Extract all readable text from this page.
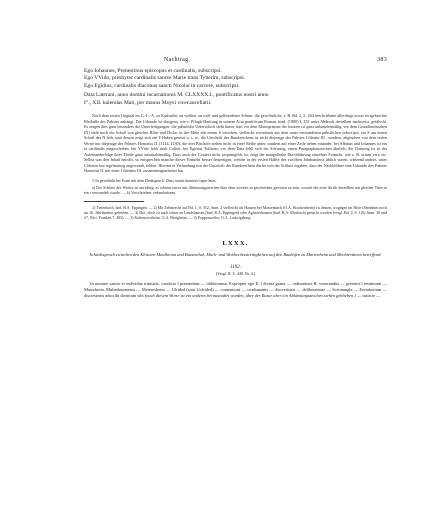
Nachtrag.	383
Ego Iohannes, Prenestinus episcopus et cardinalis, subscripsi.
Ego VVido, presbyter cardinalis sancte Marie trans Tyberim, subscripsi.
Ego Egidius, cardinalis diaconus sancti Nicolai in carcere, subscripsi.
Data Laterani, anno domini incarnationis M. CLXXXX.I., pontificatus nostri anno
I°., XII. kalendas Maii, per manus Moysi vicecancellarii.
Nach dem ersten Original im G.-L.-A. zu Karlsruhe, an weißen, an roth- und gelbseidener Schnur, die gewöhnliche, s. B. Bd. 2, S. 264 beschriebene allerdings etwas fortgebrochte Bleibulle des Pabstes anhängt. Die Urkunde ist übrigens, wie v. Pflugk-Harttung in seinem Acta pontificum Roman. ined. (1880) I, 353 unter Abdruck derselben nachweist, gefälscht. Es zeigen dies ganz besonders die Unterfertigungen: die päbstliche Unterschrift steht hinter statt vor dem Monogramm; die letztere ist ganz unkanzleimäßig, vor dem Grundbuchstaben (N) steht noch ein Schaft von gleicher Höhe und Dicke, in der Mitte mit einem S versehen, vielleicht erwachsen aus dem unter verstandenen päbstlichen subscripsi, ein S am ersten Schaft des N höh, statt dessen zeigt sich ein T-Haken gesetzt u. s. w.; die Unschrift des Rundzeichens ist nicht diejenige des Pabstes Cölestin III., sondern, abgesehen von dem ersten Worte nur diejenige des Pabstes Honorius II. (1124–1130); die drei Bischöfe stehen nicht in einer Reihe unter, sondern auf einer Zeile neben einander, bei Albinus und Iohannes ist ein et cardinalis eingeschoben, bei VVido fehlt tituli Calixti, bei Egidius Tulliano; vor dem Data fehlt sich ein Schwung, einen Paragraphenzeichen ähnlich; die Datirung ist in der Aufeinanderfolge ihrer Theile ganz unkanzleimäßig. Dass auch der Context nicht ursprünglich ist, zeigt die mangelhafte Durchführung einzelner Formeln, wie z. B. ortum vero etc. Selbst was den Inhalt betrifft, so entsprechen manche dieser Formeln besser denjenigen, welche in der ersten Hälfte des zwölften Jahrhunderts üblich waren, während andere, unter Cölestin fast regelmässig angewandt, fehlen. Hiermit in Verbindung mit der Unschrift des Rundzeichens dürfte sich der Schluss ergeben, dass der Nachbildner eine Urkunde des Pabstes Honorius II. mit einer Cölestins III. zusammengearbeitet hat.

¹) In gewöhnlicher Form mit dem Denkspruch: Deus omnis dominet super buas.

a) Der Schluss des Wortes ist unrichtig; es scheint zuvor mit Abkürzungszeichen über dem zweiten m geschrieben gewesen zu sein, worauf der erste Strich desselben mit gleicher Tinte in ein r verwandelt wurde. — b) Verschrieben: redundationes.

1) Tiefenbach, bad. B.A. Eppingen. — 2) Mit Zehntrecht auf Bd. 1, S. 352, Anm. 2 vielleicht als Hausen bei Massenbach (O.A. Brackenheim) zu deuten, wogegen im Hofe Odenheim noch im 16. Jahrhundert gehörten. — 3) Hof, doch ist auch schon an Landshausen (bad. B.A. Eppingen) oder Aglasterhausen (bad. B.A. Mosbach) gedacht worden (vergl. Bd. 2, S. 126, Anm. 18 und 27, Wirt. Franken 7, 403). — 3) Kaltenwestheim, O.A. Besigheim. — 4) Poppenweiler, O.A. Ludwigsburg.

LXXX.
Schiedsspruch zwischen den Klöstern Maulbronn und Bussenthal, Mark- und Weidrechtsstreitigkeiten auf den Bauhöfen zu Marrenheim und Mechtersheim betreffend.
1192.
(Vergl. II, S. 448, Nr. 4.)
In nomine sancte et individue trinitatis. condicio ‖ presentium — obliterantur. Expropter ego E. ‖ divina gratia — ordinatione R. venerandus — presenti ‖ testimonii — Marrebrein, Mulenbrunnensi — Meteresheim — Ulrided (statt Uolrided) — contentioni — coadunantis — discretionis — deliberatione — Sceonangle — Erembertum — discretionis adscribi divinium sibi (nach diesem Worte ist ein anderes herausradirt worden, über der Rasur aber ein Abkürzungszeichen stehen geblieben.) — iusticie —
